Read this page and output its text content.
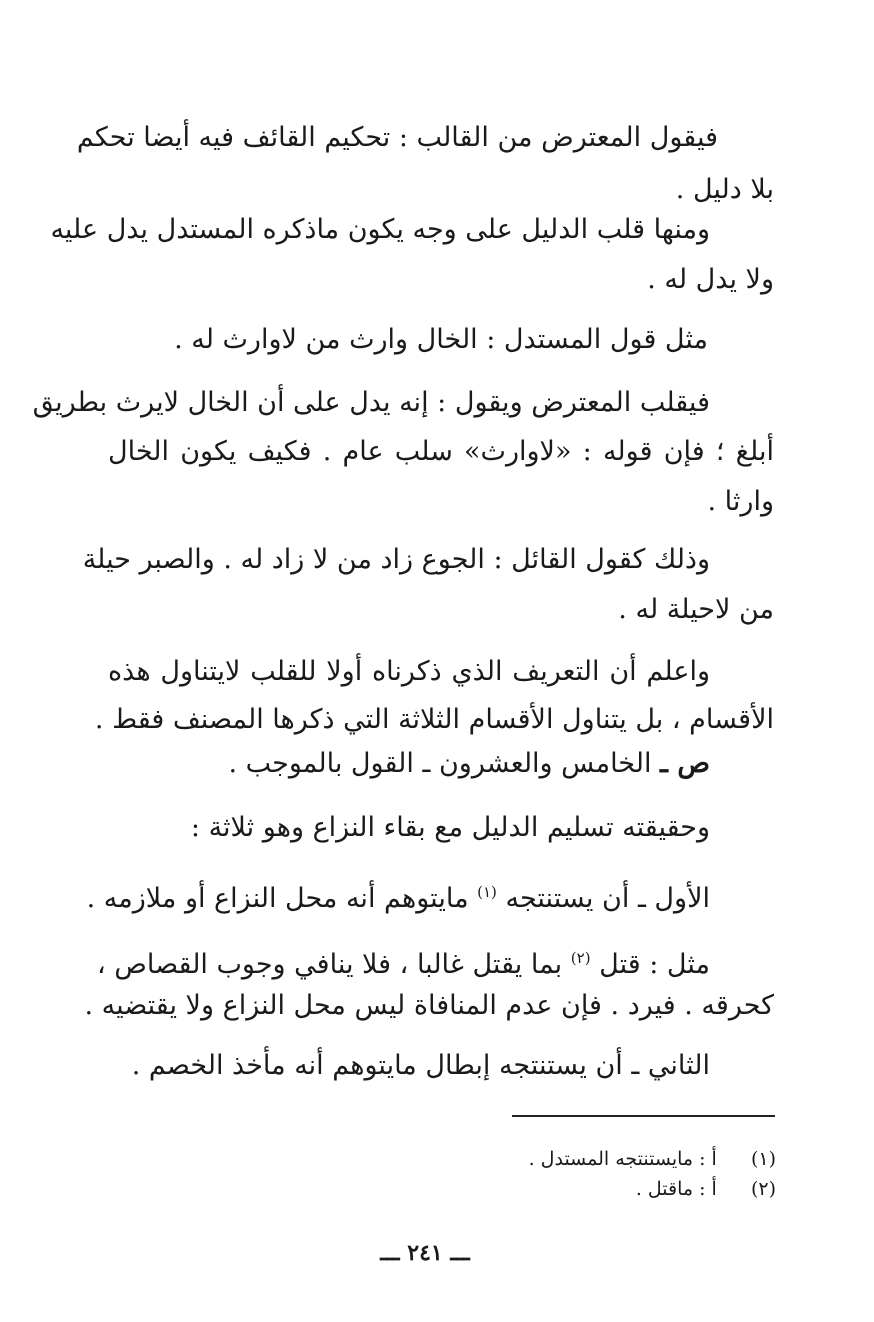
فيقول المعترض من القالب : تحكيم القائف فيه أيضا تحكم
بلا دليل .
ومنها قلب الدليل على وجه يكون ماذكره المستدل يدل عليه
ولا يدل له .
مثل قول المستدل : الخال وارث من لاوارث له .
فيقلب المعترض ويقول : إنه يدل على أن الخال لايرث بطريق
أبلغ ؛ فإن قوله : «لاوارث» سلب عام . فكيف يكون الخال
وارثا .
وذلك كقول القائل : الجوع زاد من لا زاد له . والصبر حيلة
من لاحيلة له .
واعلم أن التعريف الذي ذكرناه أولا للقلب لايتناول هذه
الأقسام ، بل يتناول الأقسام الثلاثة التي ذكرها المصنف فقط .
ص ـ الخامس والعشرون ـ القول بالموجب .
وحقيقته تسليم الدليل مع بقاء النزاع وهو ثلاثة :
الأول ـ أن يستنتجه $^{(١)}$ مايتوهم أنه محل النزاع أو ملازمه .
مثل : قتل $^{(٢)}$ بما يقتل غالبا ، فلا ينافي وجوب القصاص ،
كحرقه . فيرد . فإن عدم المنافاة ليس محل النزاع ولا يقتضيه .
الثاني ـ أن يستنتجه إبطال مايتوهم أنه مأخذ الخصم .
(١)  أ : مايستنتجه المستدل .
(٢)  أ : ماقتل .
ـــ ٢٤١ ـــ
